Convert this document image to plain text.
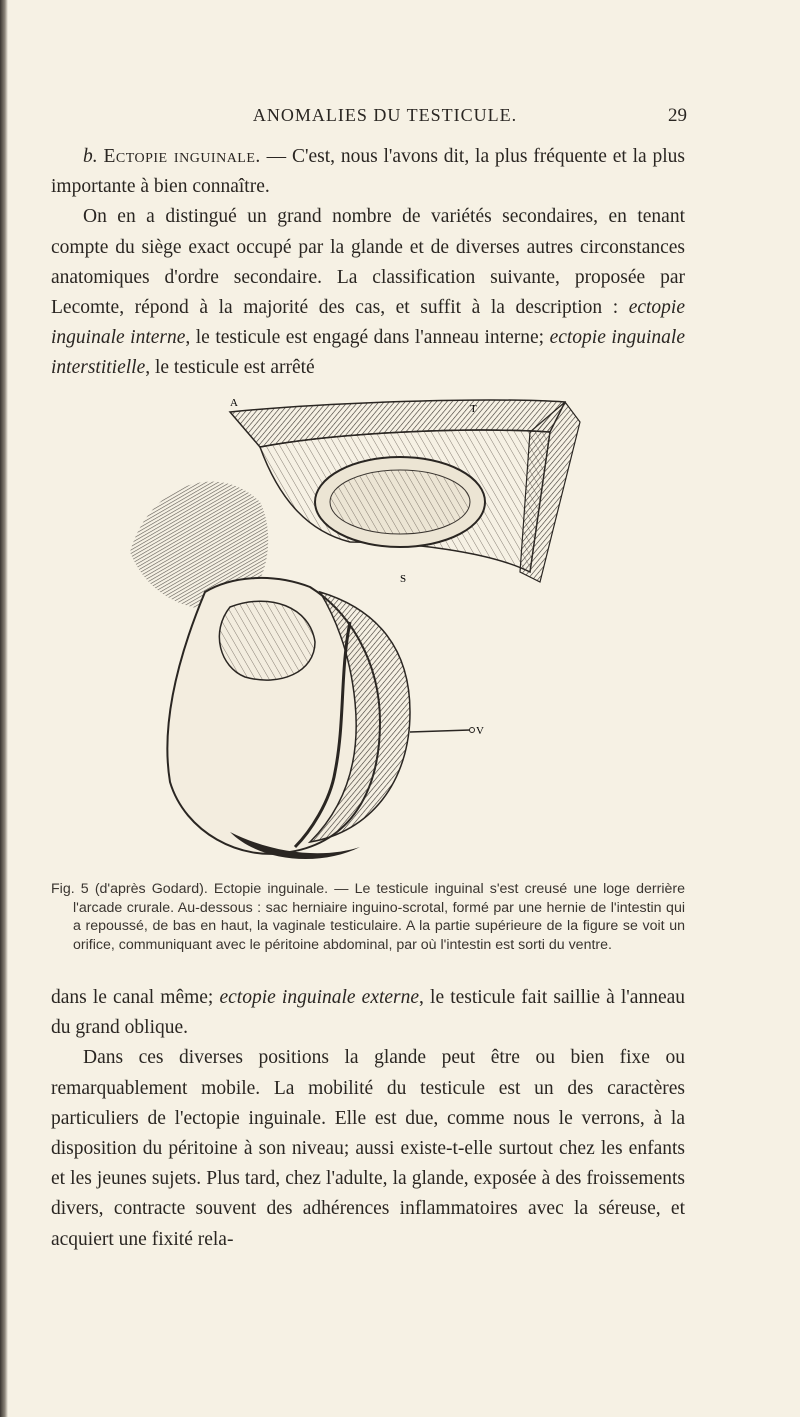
ANOMALIES DU TESTICULE.	29

b. Ectopie inguinale. — C'est, nous l'avons dit, la plus fréquente et la plus importante à bien connaître.

On en a distingué un grand nombre de variétés secondaires, en tenant compte du siège exact occupé par la glande et de diverses autres circonstances anatomiques d'ordre secondaire. La classification suivante, proposée par Lecomte, répond à la majorité des cas, et suffit à la description : ectopie inguinale interne, le testicule est engagé dans l'anneau interne; ectopie inguinale interstitielle, le testicule est arrêté

A	T
S
V
Fig. 5 (d'après Godard). Ectopie inguinale. — Le testicule inguinal s'est creusé une loge derrière l'arcade crurale. Au-dessous : sac herniaire inguino-scrotal, formé par une hernie de l'intestin qui a repoussé, de bas en haut, la vaginale testiculaire. A la partie supérieure de la figure se voit un orifice, communiquant avec le péritoine abdominal, par où l'intestin est sorti du ventre.

dans le canal même; ectopie inguinale externe, le testicule fait saillie à l'anneau du grand oblique.

Dans ces diverses positions la glande peut être ou bien fixe ou remarquablement mobile. La mobilité du testicule est un des caractères particuliers de l'ectopie inguinale. Elle est due, comme nous le verrons, à la disposition du péritoine à son niveau; aussi existe-t-elle surtout chez les enfants et les jeunes sujets. Plus tard, chez l'adulte, la glande, exposée à des froissements divers, contracte souvent des adhérences inflammatoires avec la séreuse, et acquiert une fixité rela-
